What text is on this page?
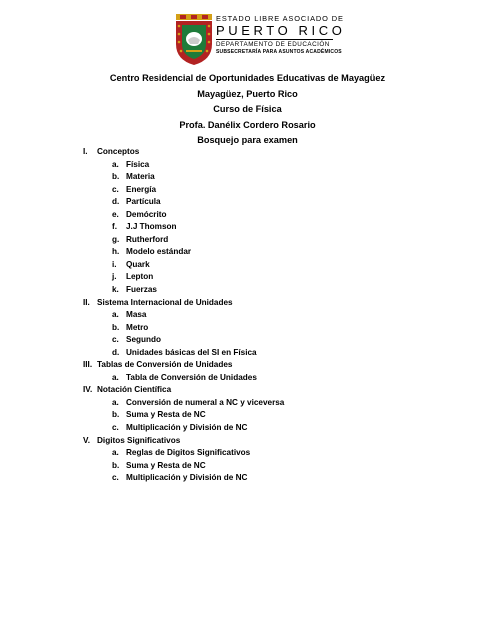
ESTADO LIBRE ASOCIADO DE
PUERTO RICO
DEPARTAMENTO DE EDUCACIÓN
SUBSECRETARÍA PARA ASUNTOS ACADÉMICOS
Centro Residencial de Oportunidades Educativas de Mayagüez
Mayagüez, Puerto Rico
Curso de Física
Profa. Danélix Cordero Rosario
Bosquejo para examen
I.	Conceptos
a. Física
b. Materia
c. Energía
d. Partícula
e. Demócrito
f.	J.J Thomson
g. Rutherford
h. Modelo estándar
i.	Quark
j.	Lepton
k. Fuerzas
II. Sistema Internacional de Unidades
a. Masa
b. Metro
c. Segundo
d. Unidades básicas del SI en Física
III. Tablas de Conversión de Unidades
a. Tabla de Conversión de Unidades
IV. Notación Científica
a. Conversión de numeral a NC y viceversa
b. Suma y Resta de NC
c. Multiplicación y División de NC
V. Digitos Significativos
a. Reglas de Digitos Significativos
b. Suma y Resta de NC
c. Multiplicación y División de NC
